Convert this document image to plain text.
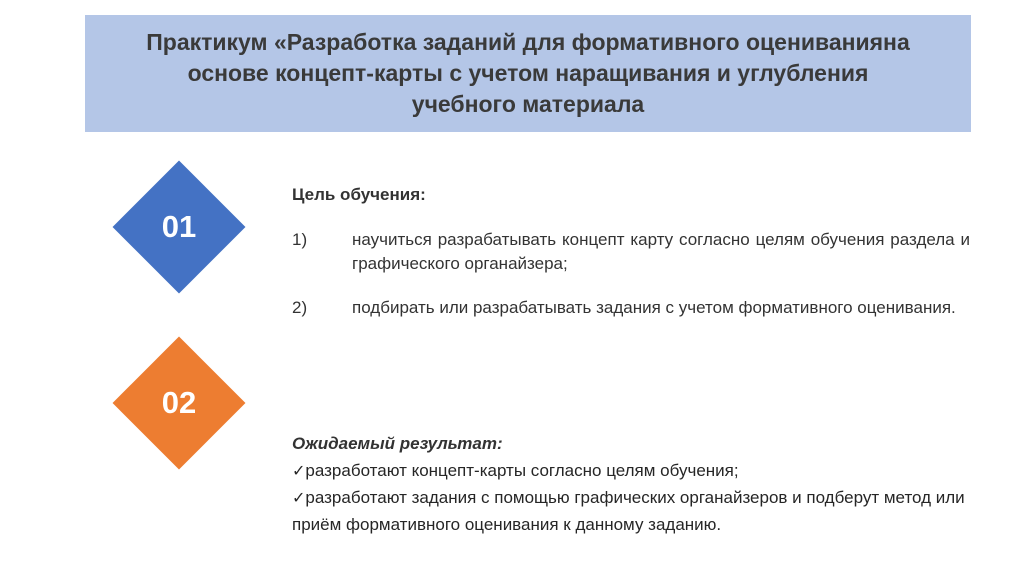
Практикум «Разработка заданий для формативного оцениванияна
основе концепт-карты с учетом наращивания и углубления
учебного материала
01
02
Цель обучения:
1)	научиться разрабатывать концепт карту согласно целям обучения раздела и графического органайзера;
2)	подбирать или разрабатывать задания с учетом формативного оценивания.
Ожидаемый результат:
✓разработают концепт-карты согласно целям обучения;
✓разработают задания с помощью графических органайзеров и подберут метод или приём формативного оценивания к данному заданию.
